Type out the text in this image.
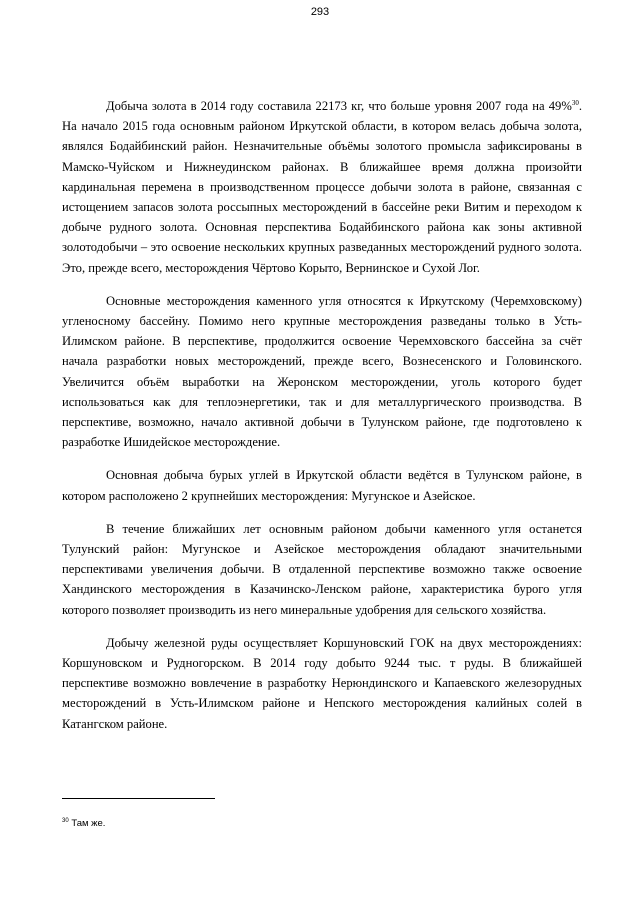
293

Добыча золота в 2014 году составила 22173 кг, что больше уровня 2007 года на 49%$^{30}$. На начало 2015 года основным районом Иркутской области, в котором велась добыча золота, являлся Бодайбинский район. Незначительные объёмы золотого промысла зафиксированы в Мамско-Чуйском и Нижнеудинском районах. В ближайшее время должна произойти кардинальная перемена в производственном процессе добычи золота в районе, связанная с истощением запасов золота россыпных месторождений в бассейне реки Витим и переходом к добыче рудного золота. Основная перспектива Бодайбинского района как зоны активной золотодобычи – это освоение нескольких крупных разведанных месторождений рудного золота. Это, прежде всего, месторождения Чёртово Корыто, Вернинское и Сухой Лог.

Основные месторождения каменного угля относятся к Иркутскому (Черемховскому) угленосному бассейну. Помимо него крупные месторождения разведаны только в Усть-Илимском районе. В перспективе, продолжится освоение Черемховского бассейна за счёт начала разработки новых месторождений, прежде всего, Вознесенского и Головинского. Увеличится объём выработки на Жеронском месторождении, уголь которого будет использоваться как для теплоэнергетики, так и для металлургического производства. В перспективе, возможно, начало активной добычи в Тулунском районе, где подготовлено к разработке Ишидейское месторождение.

Основная добыча бурых углей в Иркутской области ведётся в Тулунском районе, в котором расположено 2 крупнейших месторождения: Мугунское и Азейское.

В течение ближайших лет основным районом добычи каменного угля останется Тулунский район: Мугунское и Азейское месторождения обладают значительными перспективами увеличения добычи. В отдаленной перспективе возможно также освоение Хандинского месторождения в Казачинско-Ленском районе, характеристика бурого угля которого позволяет производить из него минеральные удобрения для сельского хозяйства.

Добычу железной руды осуществляет Коршуновский ГОК на двух месторождениях: Коршуновском и Рудногорском. В 2014 году добыто 9244 тыс. т руды. В ближайшей перспективе возможно вовлечение в разработку Нерюндинского и Капаевского железорудных месторождений в Усть-Илимском районе и Непского месторождения калийных солей в Катангском районе.

$^{30}$ Там же.
